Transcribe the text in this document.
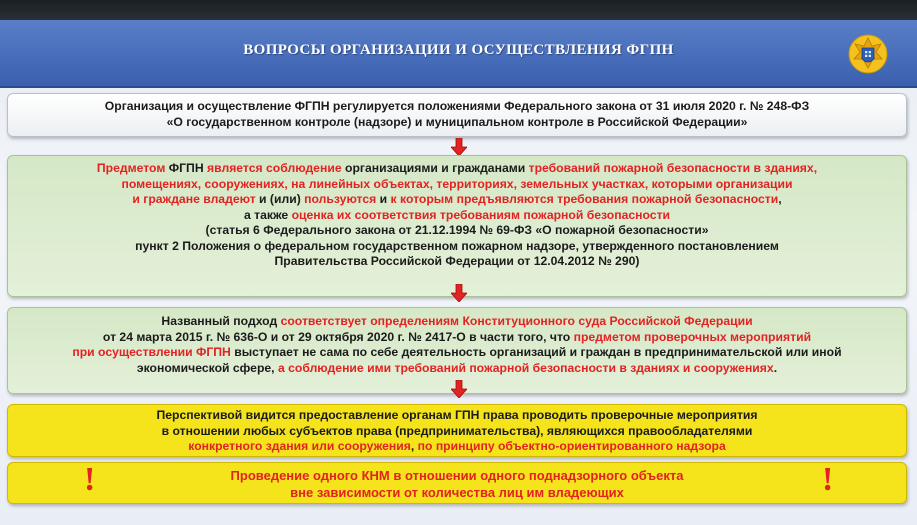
ВОПРОСЫ ОРГАНИЗАЦИИ И ОСУЩЕСТВЛЕНИЯ ФГПН
Организация и осуществление ФГПН регулируется положениями Федерального закона от 31 июля 2020 г. № 248-ФЗ
«О государственном контроле (надзоре) и муниципальном контроле в Российской Федерации»
Предметом ФГПН является соблюдение организациями и гражданами требований пожарной безопасности в зданиях,
помещениях, сооружениях, на линейных объектах, территориях, земельных участках, которыми организации
и граждане владеют и (или) пользуются и к которым предъявляются требования пожарной безопасности,
а также оценка их соответствия требованиям пожарной безопасности
(статья 6 Федерального закона от 21.12.1994 № 69-ФЗ «О пожарной безопасности»
пункт 2 Положения о федеральном государственном пожарном надзоре, утвержденного постановлением
Правительства Российской Федерации от 12.04.2012 № 290)
Названный подход соответствует определениям Конституционного суда Российской Федерации
от 24 марта 2015 г. № 636-О и от 29 октября 2020 г. № 2417-О в части того, что предметом проверочных мероприятий
при осуществлении ФГПН выступает не сама по себе деятельность организаций и граждан в предпринимательской или иной
экономической сфере, а соблюдение ими требований пожарной безопасности в зданиях и сооружениях.
Перспективой видится предоставление органам ГПН права проводить проверочные мероприятия
в отношении любых субъектов права (предпринимательства), являющихся правообладателями
конкретного здания или сооружения, по принципу объектно-ориентированного надзора
Проведение одного КНМ в отношении одного поднадзорного объекта
вне зависимости от количества лиц им владеющих
!	!
